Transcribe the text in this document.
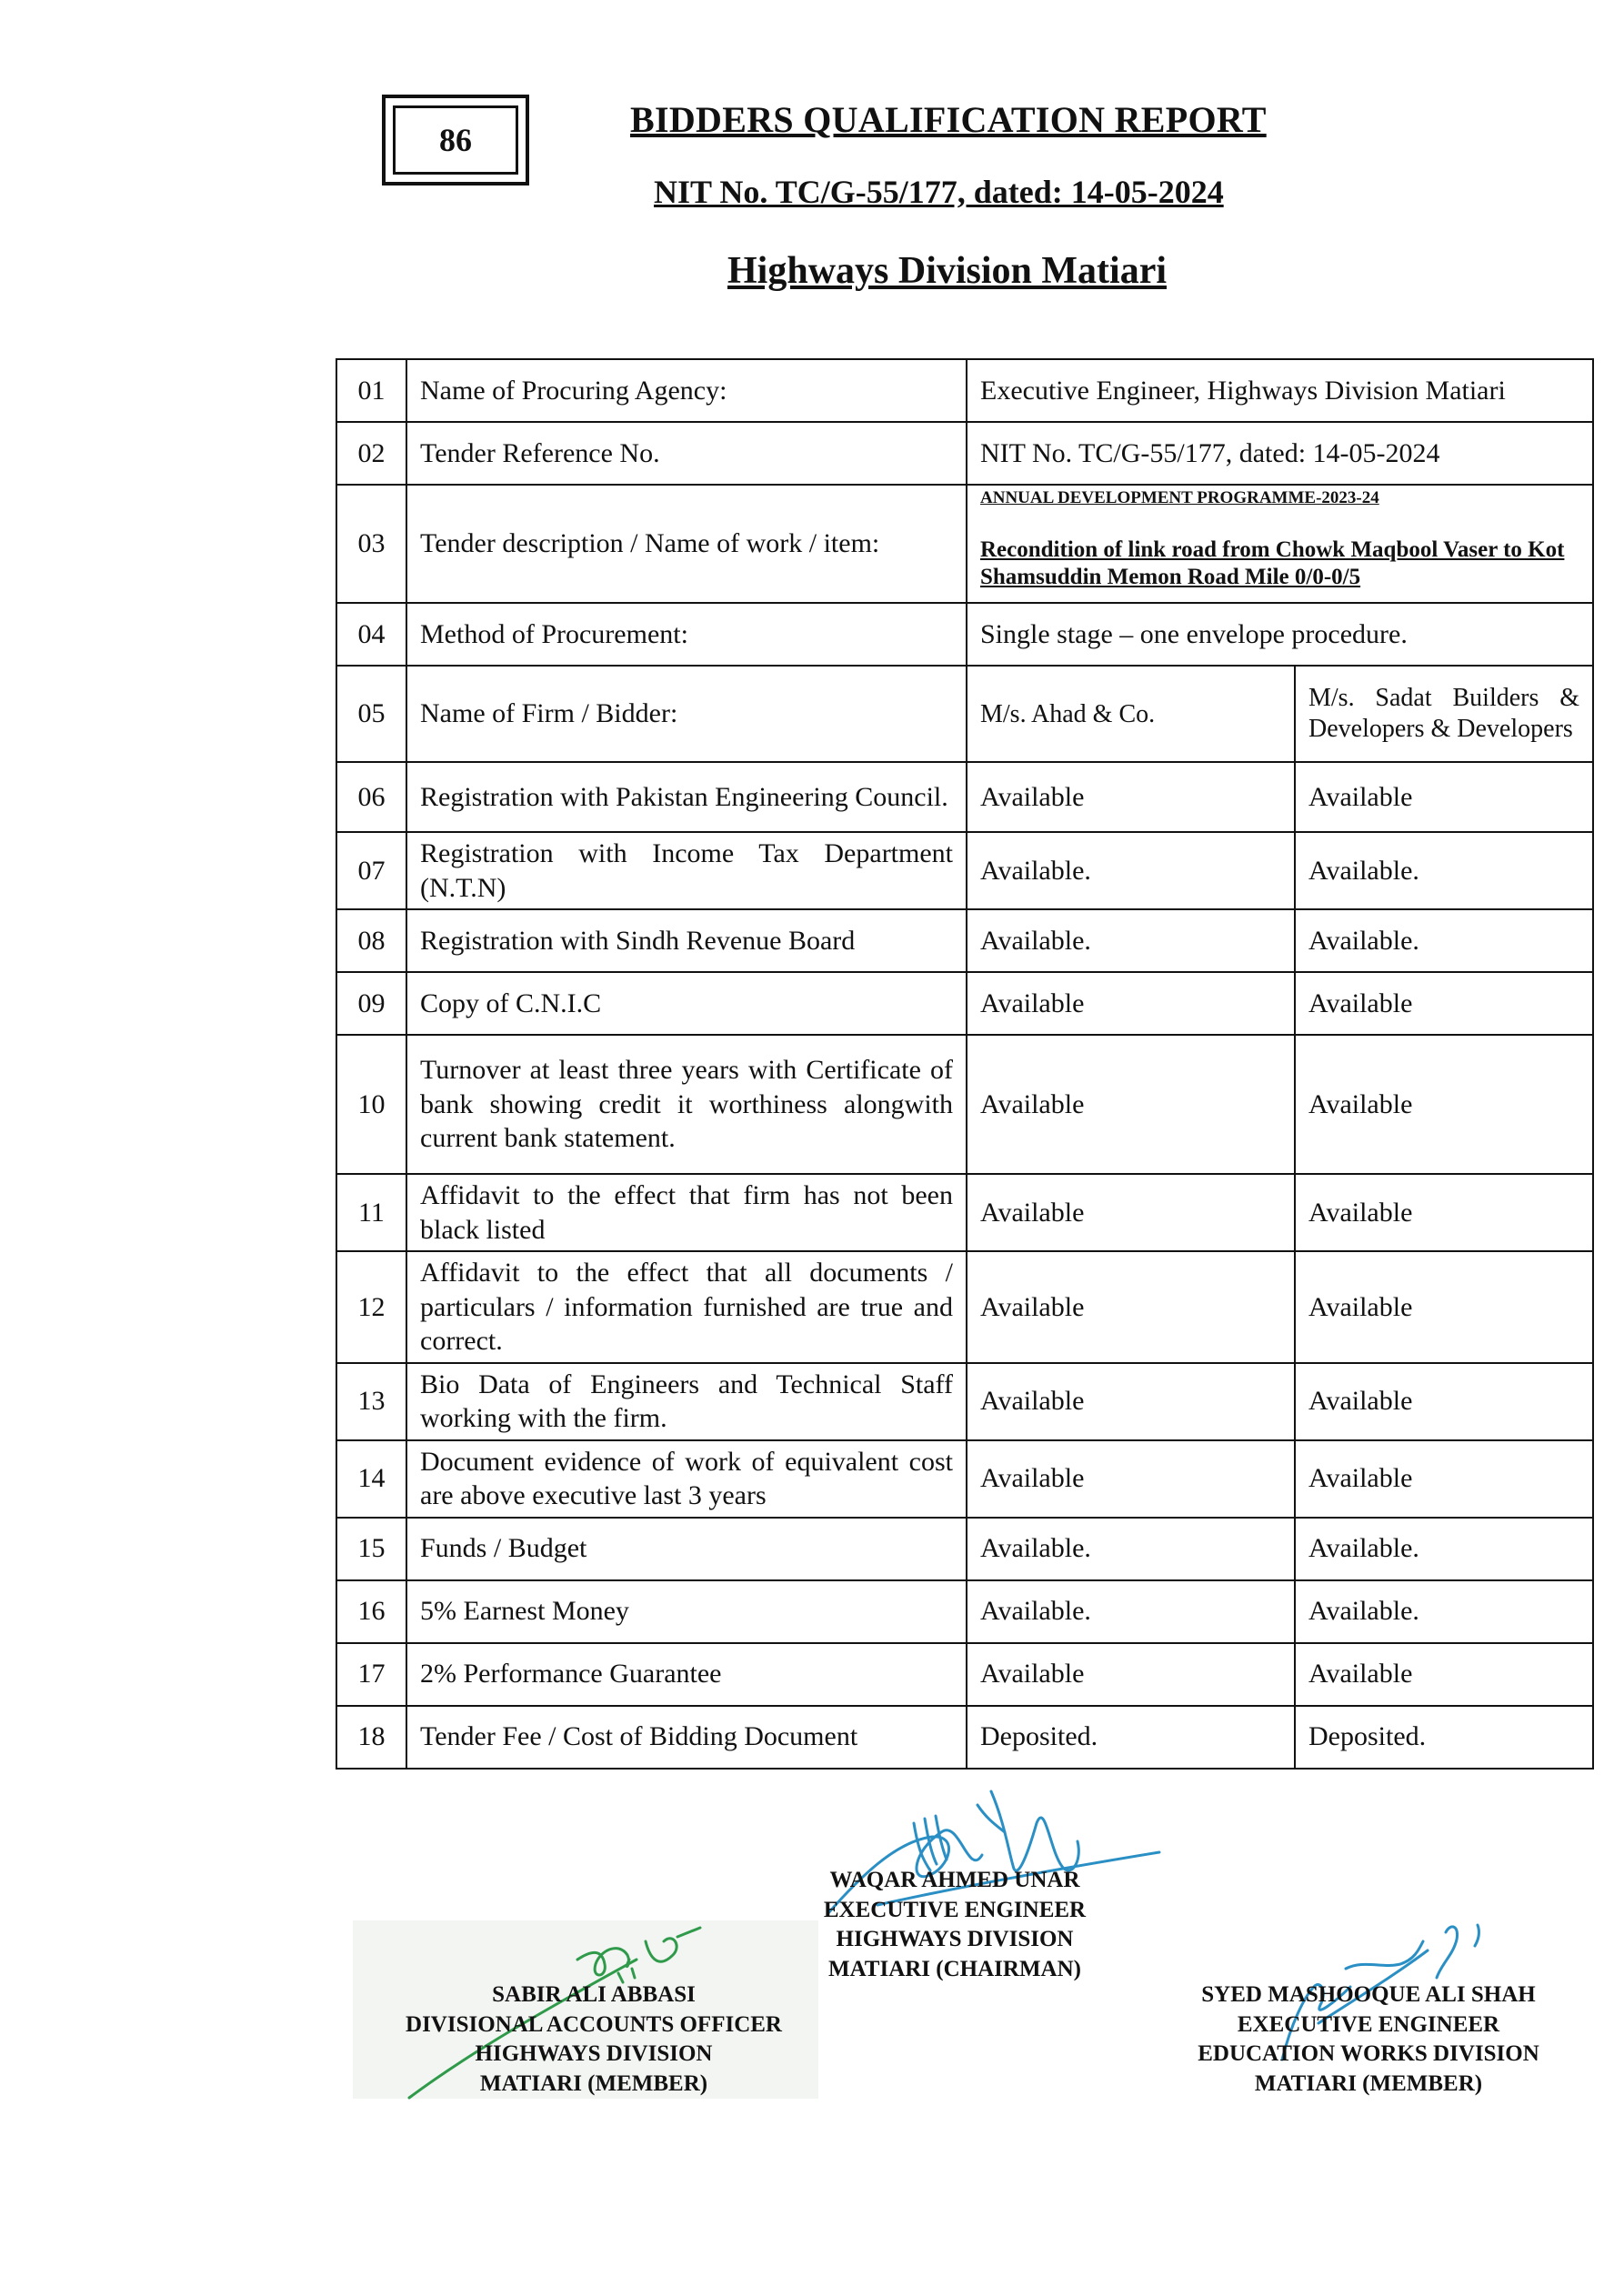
86	BIDDERS QUALIFICATION REPORT
NIT No. TC/G-55/177, dated: 14-05-2024
Highways Division Matiari
01	Name of Procuring Agency:	Executive Engineer, Highways Division Matiari	
02	Tender Reference No.	NIT No. TC/G-55/177, dated: 14-05-2024	
03	Tender description / Name of work / item:	ANNUAL DEVELOPMENT PROGRAMME-2023-24
Recondition of link road from Chowk Maqbool Vaser to Kot Shamsuddin Memon Road Mile 0/0-0/5	

04	Method of Procurement:	Single stage – one envelope procedure.	
05	Name of Firm / Bidder:	M/s. Ahad & Co.	M/s. Sadat Builders & Developers & Developers
06	Registration with Pakistan Engineering Council.	Available	Available
07	Registration with Income Tax Department (N.T.N)	Available.	Available.
08	Registration with Sindh Revenue Board	Available.	Available.
09	Copy of C.N.I.C	Available	Available
10	Turnover at least three years with Certificate of bank showing credit it worthiness alongwith current bank statement.	Available	Available
11	Affidavit to the effect that firm has not been black listed	Available	Available
12	Affidavit to the effect that all documents / particulars / information furnished are true and correct.	Available	Available
13	Bio Data of Engineers and Technical Staff working with the firm.	Available	Available
14	Document evidence of work of equivalent cost are above executive last 3 years	Available	Available
15	Funds / Budget	Available.	Available.
16	5% Earnest Money	Available.	Available.
17	2% Performance Guarantee	Available	Available
18	Tender Fee / Cost of Bidding Document	Deposited.	Deposited.
WAQAR AHMED UNAR
EXECUTIVE ENGINEER
HIGHWAYS DIVISION
MATIARI (CHAIRMAN)
SABIR ALI ABBASI
DIVISIONAL ACCOUNTS OFFICER
HIGHWAYS DIVISION
MATIARI (MEMBER)
SYED MASHOOQUE ALI SHAH
EXECUTIVE ENGINEER
EDUCATION WORKS DIVISION
MATIARI (MEMBER)
